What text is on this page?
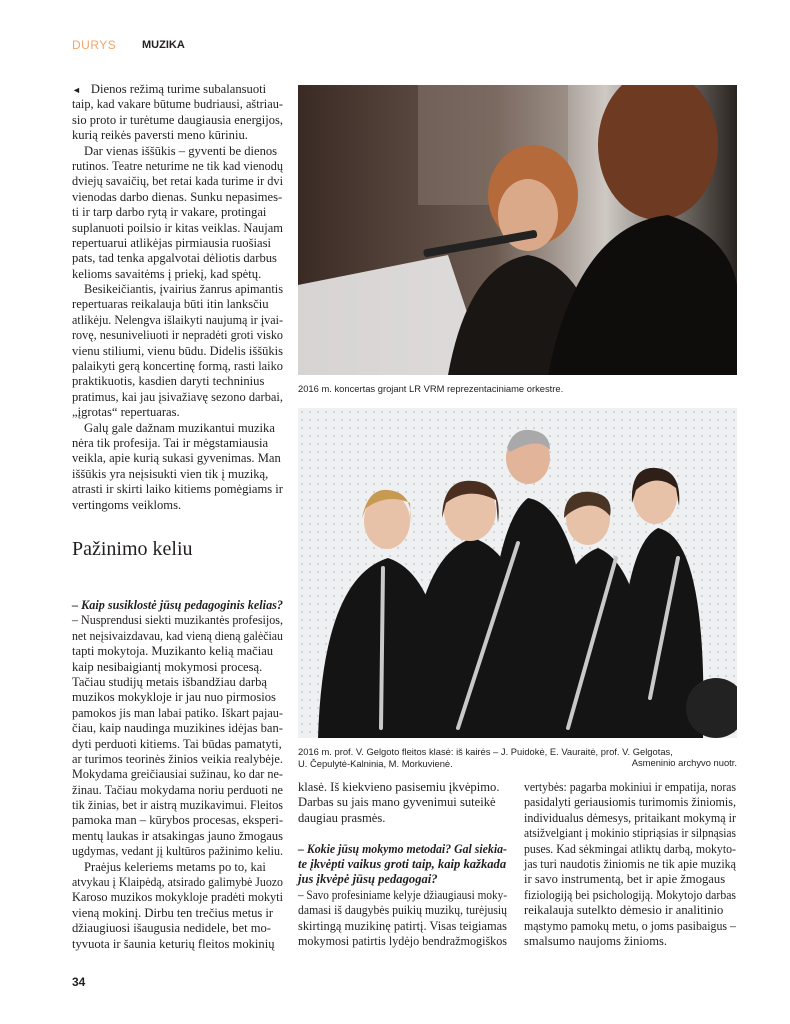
DURYS MUZIKA
◄ Dienos režimą turime subalansuoti
taip, kad vakare būtume budriausi, aštriau-
sio proto ir turėtume daugiausia energijos,
kurią reikės paversti meno kūriniu.
Dar vienas iššūkis – gyventi be dienos
rutinos. Teatre neturime ne tik kad vienodų
dviejų savaičių, bet retai kada turime ir dvi
vienodas darbo dienas. Sunku nepasimes-
ti ir tarp darbo rytą ir vakare, protingai
suplanuoti poilsio ir kitas veiklas. Naujam
repertuarui atlikėjas pirmiausia ruošiasi
pats, tad tenka apgalvotai dėliotis darbus
kelioms savaitėms į priekį, kad spėtų.
Besikeičiantis, įvairius žanrus apimantis
repertuaras reikalauja būti itin lanksčiu
atlikėju. Nelengva išlaikyti naujumą ir įvai-
rovę, nesuniveliuoti ir nepradėti groti visko
vienu stiliumi, vienu būdu. Didelis iššūkis
palaikyti gerą koncertinę formą, rasti laiko
praktikuotis, kasdien daryti techninius
pratimus, kai jau įsivažiavę sezono darbai,
„įgrotas“ repertuaras.
Galų gale dažnam muzikantui muzika
nėra tik profesija. Tai ir mėgstamiausia
veikla, apie kurią sukasi gyvenimas. Man
iššūkis yra neįsisukti vien tik į muziką,
atrasti ir skirti laiko kitiems pomėgiams ir
vertingoms veikloms.
Pažinimo keliu
– Kaip susiklostė jūsų pedagoginis kelias?
– Nusprendusi siekti muzikantės profesijos,
net neįsivaizdavau, kad vieną dieną galėčiau
tapti mokytoja. Muzikanto kelią mačiau
kaip nesibaigiantį mokymosi procesą.
Tačiau studijų metais išbandžiau darbą
muzikos mokykloje ir jau nuo pirmosios
pamokos jis man labai patiko. Iškart pajau-
čiau, kaip naudinga muzikines idėjas ban-
dyti perduoti kitiems. Tai būdas pamatyti,
ar turimos teorinės žinios veikia realybėje.
Mokydama greičiausiai sužinau, ko dar ne-
žinau. Tačiau mokydama noriu perduoti ne
tik žinias, bet ir aistrą muzikavimui. Fleitos
pamoka man – kūrybos procesas, eksperi-
mentų laukas ir atsakingas jauno žmogaus
ugdymas, vedant jį kultūros pažinimo keliu.
Praėjus keleriems metams po to, kai
atvykau į Klaipėdą, atsirado galimybė Juozo
Karoso muzikos mokykloje pradėti mokyti
vieną mokinį. Dirbu ten trečius metus ir
džiaugiuosi išaugusia nedidele, bet mo-
tyvuota ir šaunia keturių fleitos mokinių
klasė. Iš kiekvieno pasisemiu įkvėpimo.
Darbas su jais mano gyvenimui suteikė
daugiau prasmės.
– Kokie jūsų mokymo metodai? Gal siekia-
te įkvėpti vaikus groti taip, kaip kažkada
jus įkvėpė jūsų pedagogai?
– Savo profesiniame kelyje džiaugiausi moky-
damasi iš daugybės puikių muzikų, turėjusių
skirtingą muzikinę patirtį. Visas teigiamas
mokymosi patirtis lydėjo bendražmogiškos
vertybės: pagarba mokiniui ir empatija, noras
pasidalyti geriausiomis turimomis žiniomis,
individualus dėmesys, pritaikant mokymą ir
atsižvelgiant į mokinio stipriąsias ir silpnąsias
puses. Kad sėkmingai atliktų darbą, mokyto-
jas turi naudotis žiniomis ne tik apie muziką
ir savo instrumentą, bet ir apie žmogaus
fiziologiją bei psichologiją. Mokytojo darbas
reikalauja sutelkto dėmesio ir analitinio
mąstymo pamokų metu, o joms pasibaigus –
smalsumo naujoms žinioms.
2016 m. koncertas grojant LR VRM reprezentaciniame orkestre.
2016 m. prof. V. Gelgoto fleitos klasė: iš kairės – J. Puidokė, E. Vauraitė, prof. V. Gelgotas,
U. Čepulytė-Kalninia, M. Morkuvienė.	Asmeninio archyvo nuotr.
34
